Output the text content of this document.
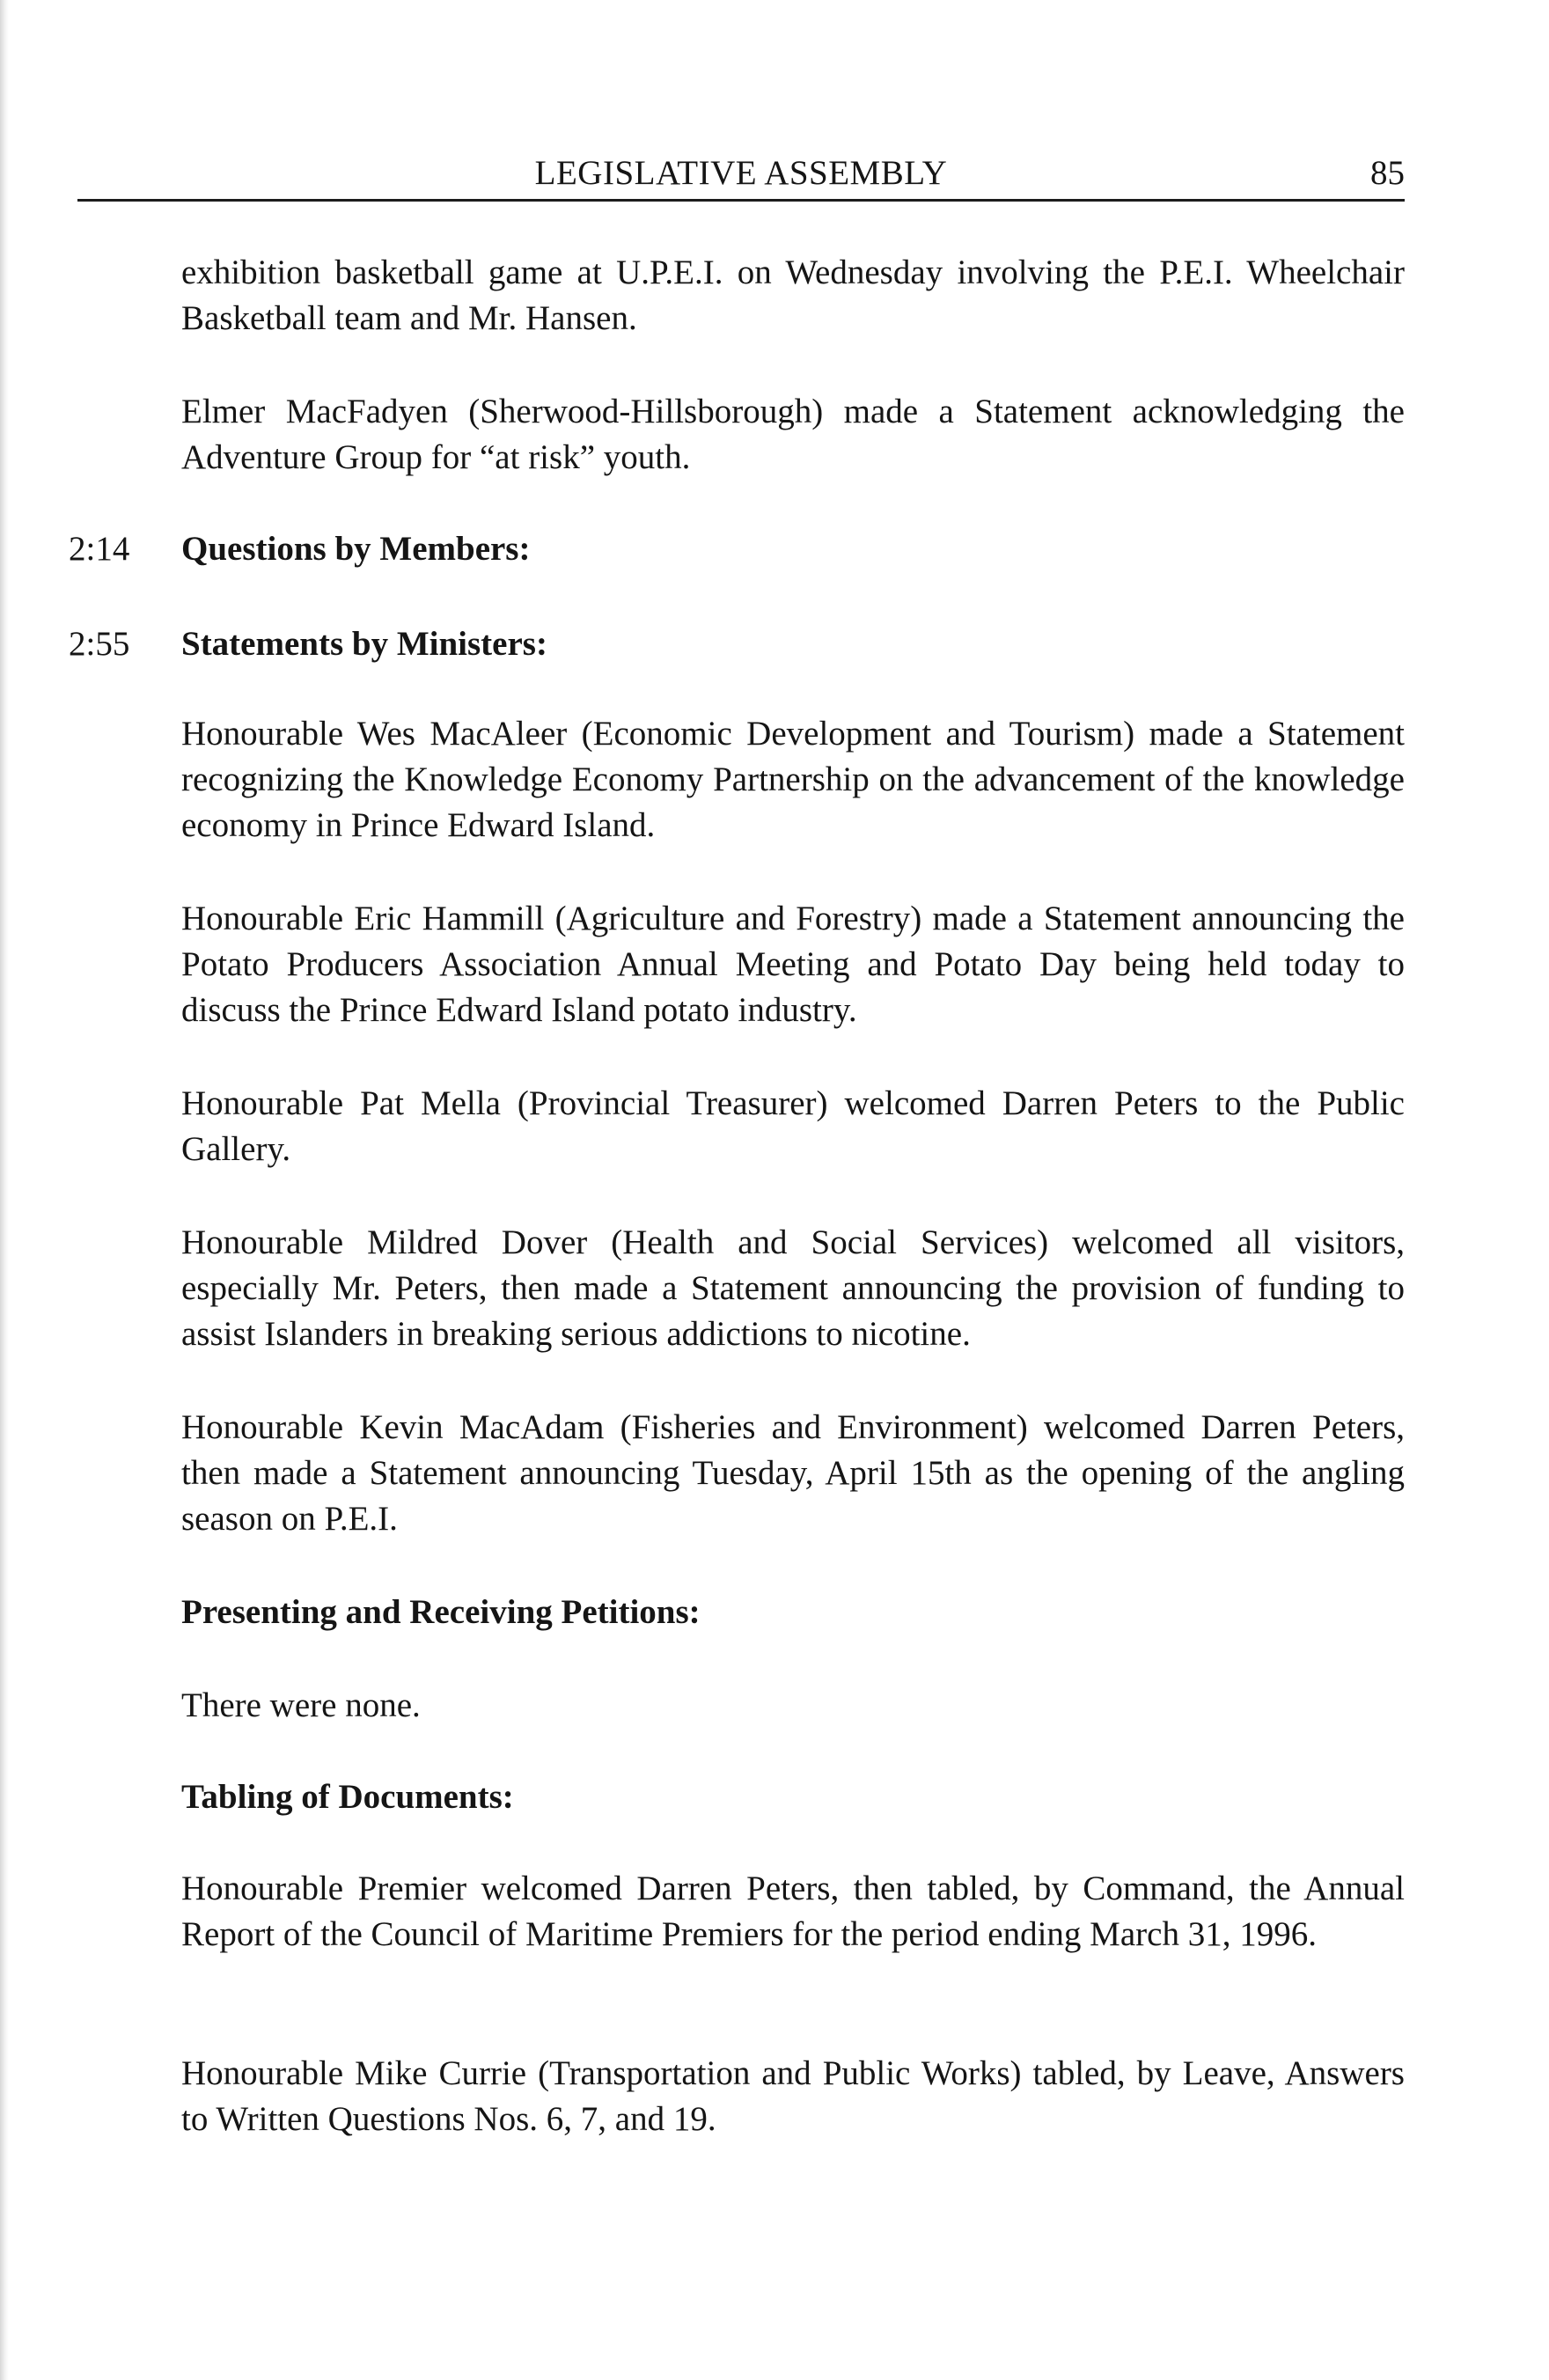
LEGISLATIVE ASSEMBLY	85

exhibition basketball game at U.P.E.I. on Wednesday involving the P.E.I. Wheelchair Basketball team and Mr. Hansen.

Elmer MacFadyen (Sherwood-Hillsborough) made a Statement acknowledging the Adventure Group for “at risk” youth.

2:14 Questions by Members:
2:55 Statements by Ministers:

Honourable Wes MacAleer (Economic Development and Tourism) made a Statement recognizing the Knowledge Economy Partnership on the advancement of the knowledge economy in Prince Edward Island.

Honourable Eric Hammill (Agriculture and Forestry) made a Statement announcing the Potato Producers Association Annual Meeting and Potato Day being held today to discuss the Prince Edward Island potato industry.

Honourable Pat Mella (Provincial Treasurer) welcomed Darren Peters to the Public Gallery.

Honourable Mildred Dover (Health and Social Services) welcomed all visitors, especially Mr. Peters, then made a Statement announcing the provision of funding to assist Islanders in breaking serious addictions to nicotine.

Honourable Kevin MacAdam (Fisheries and Environment) welcomed Darren Peters, then made a Statement announcing Tuesday, April 15th as the opening of the angling season on P.E.I.

Presenting and Receiving Petitions:

There were none.

Tabling of Documents:

Honourable Premier welcomed Darren Peters, then tabled, by Command, the Annual Report of the Council of Maritime Premiers for the period ending March 31, 1996.

Honourable Mike Currie (Transportation and Public Works) tabled, by Leave, Answers to Written Questions Nos. 6, 7, and 19.
